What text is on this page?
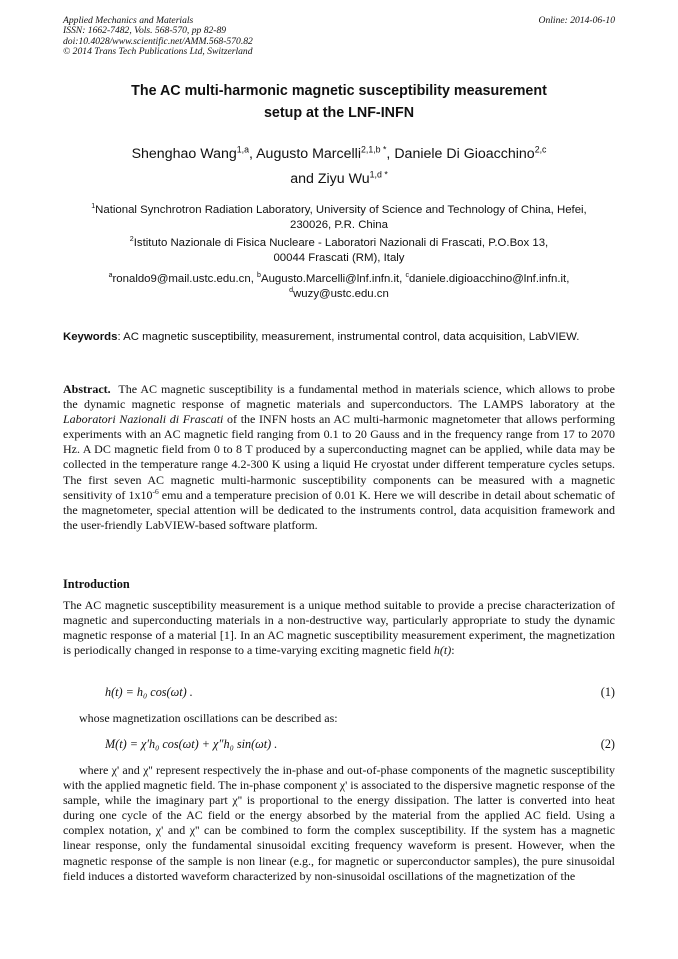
Applied Mechanics and Materials
ISSN: 1662-7482, Vols. 568-570, pp 82-89
doi:10.4028/www.scientific.net/AMM.568-570.82
© 2014 Trans Tech Publications Ltd, Switzerland
Online: 2014-06-10
The AC multi-harmonic magnetic susceptibility measurement
setup at the LNF-INFN
Shenghao Wang$^{1,a}$, Augusto Marcelli$^{2,1,b *}$, Daniele Di Gioacchino$^{2,c}$
and Ziyu $Wu^{1,d *}$
$^1$National Synchrotron Radiation Laboratory, University of Science and Technology of China, Hefei,
230026, P.R. China
$^2$Istituto Nazionale di Fisica Nucleare - Laboratori Nazionali di Frascati, P.O.Box 13,
00044 Frascati (RM), Italy
$^a$ronaldo9@mail.ustc.edu.cn, $^b$Augusto.Marcelli@lnf.infn.it, $^c$daniele.digioacchino@lnf.infn.it,
$^d$wuzy@ustc.edu.cn
Keywords: AC magnetic susceptibility, measurement, instrumental control, data acquisition, LabVIEW.
Abstract. The AC magnetic susceptibility is a fundamental method in materials science, which allows to probe the dynamic magnetic response of magnetic materials and superconductors. The LAMPS laboratory at the Laboratori Nazionali di Frascati of the INFN hosts an AC multi-harmonic magnetometer that allows performing experiments with an AC magnetic field ranging from 0.1 to 20 Gauss and in the frequency range from 17 to 2070 Hz. A DC magnetic field from 0 to 8 T produced by a superconducting magnet can be applied, while data may be collected in the temperature range 4.2-300 K using a liquid He cryostat under different temperature cycles setups. The first seven AC magnetic multi-harmonic susceptibility components can be measured with a magnetic sensitivity of $1x10^{-6}$ emu and a temperature precision of 0.01 K. Here we will describe in detail about schematic of the magnetometer, special attention will be dedicated to the instruments control, data acquisition framework and the user-friendly LabVIEW-based software platform.
Introduction
The AC magnetic susceptibility measurement is a unique method suitable to provide a precise characterization of magnetic and superconducting materials in a non-destructive way, particularly appropriate to study the dynamic magnetic response of a material [1]. In an AC magnetic susceptibility measurement experiment, the magnetization is periodically changed in response to a time-varying exciting magnetic field h(t):
h(t) = h₀ cos(ωt) .	(1)
whose magnetization oscillations can be described as:
M(t) = χ′h₀ cos(ωt) + χ″h₀ sin(ωt) .	(2)
where χ' and χ'' represent respectively the in-phase and out-of-phase components of the magnetic susceptibility with the applied magnetic field. The in-phase component χ' is associated to the dispersive magnetic response of the sample, while the imaginary part χ'' is proportional to the energy dissipation. The latter is converted into heat during one cycle of the AC field or the energy absorbed by the material from the applied AC field. Using a complex notation, χ' and χ'' can be combined to form the complex susceptibility. If the system has a magnetic linear response, only the fundamental sinusoidal exciting frequency waveform is present. However, when the magnetic response of the sample is non linear (e.g., for magnetic or superconductor samples), the pure sinusoidal field induces a distorted waveform characterized by non-sinusoidal oscillations of the magnetization of the
